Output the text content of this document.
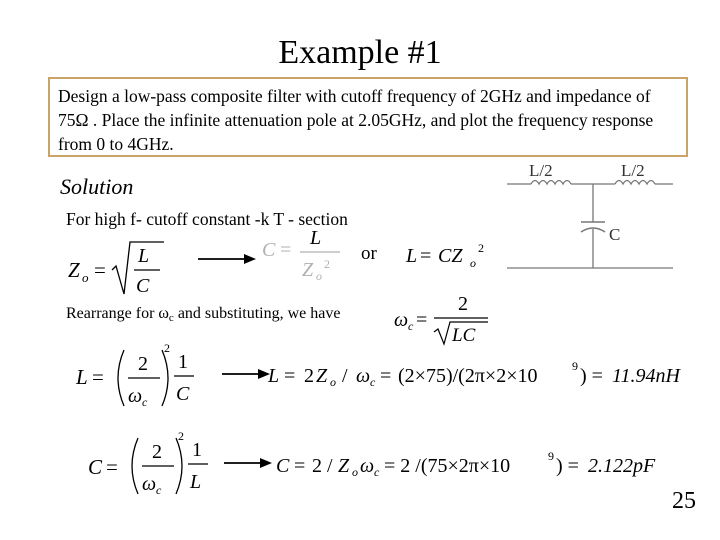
Example #1
Design a low-pass composite filter with cutoff frequency of 2GHz and impedance of 75Ω . Place the infinite attenuation pole at 2.05GHz, and plot the frequency response from 0 to 4GHz.
Solution
For high f- cutoff constant -k T - section
Z o =
L
C
C =
L
Z o
2 or L = CZ o
2
L/2	L/2
C
Rearrange for $\omega_c$ and substituting, we have	ω c =
2
LC
L =
2
ω c
2
1
C
L = 2 Z o / ω c = (2×75)/(2π×2×10	9 ) = 11.94nH
C =
2
ω c
2
1
L
C = 2 / Z o ω c = 2 /(75×2π×10	9 ) = 2.122pF
25
